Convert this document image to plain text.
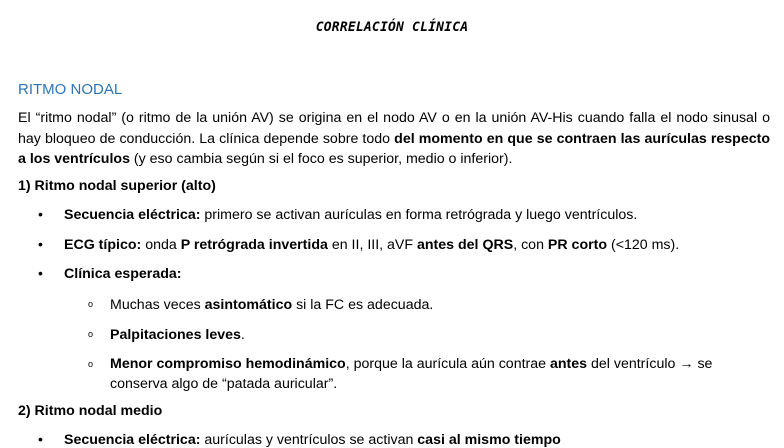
CORRELACIÓN CLÍNICA
RITMO NODAL
El “ritmo nodal” (o ritmo de la unión AV) se origina en el nodo AV o en la unión AV-His cuando falla el nodo sinusal o hay bloqueo de conducción. La clínica depende sobre todo del momento en que se contraen las aurículas respecto a los ventrículos (y eso cambia según si el foco es superior, medio o inferior).
1) Ritmo nodal superior (alto)
• Secuencia eléctrica: primero se activan aurículas en forma retrógrada y luego ventrículos.
• ECG típico: onda P retrógrada invertida en II, III, aVF antes del QRS, con PR corto (<120 ms).
• Clínica esperada:
o Muchas veces asintomático si la FC es adecuada.
o Palpitaciones leves.
o Menor compromiso hemodinámico, porque la aurícula aún contrae antes del ventrículo → se conserva algo de “patada auricular”.
2) Ritmo nodal medio
• Secuencia eléctrica: aurículas y ventrículos se activan casi al mismo tiempo
